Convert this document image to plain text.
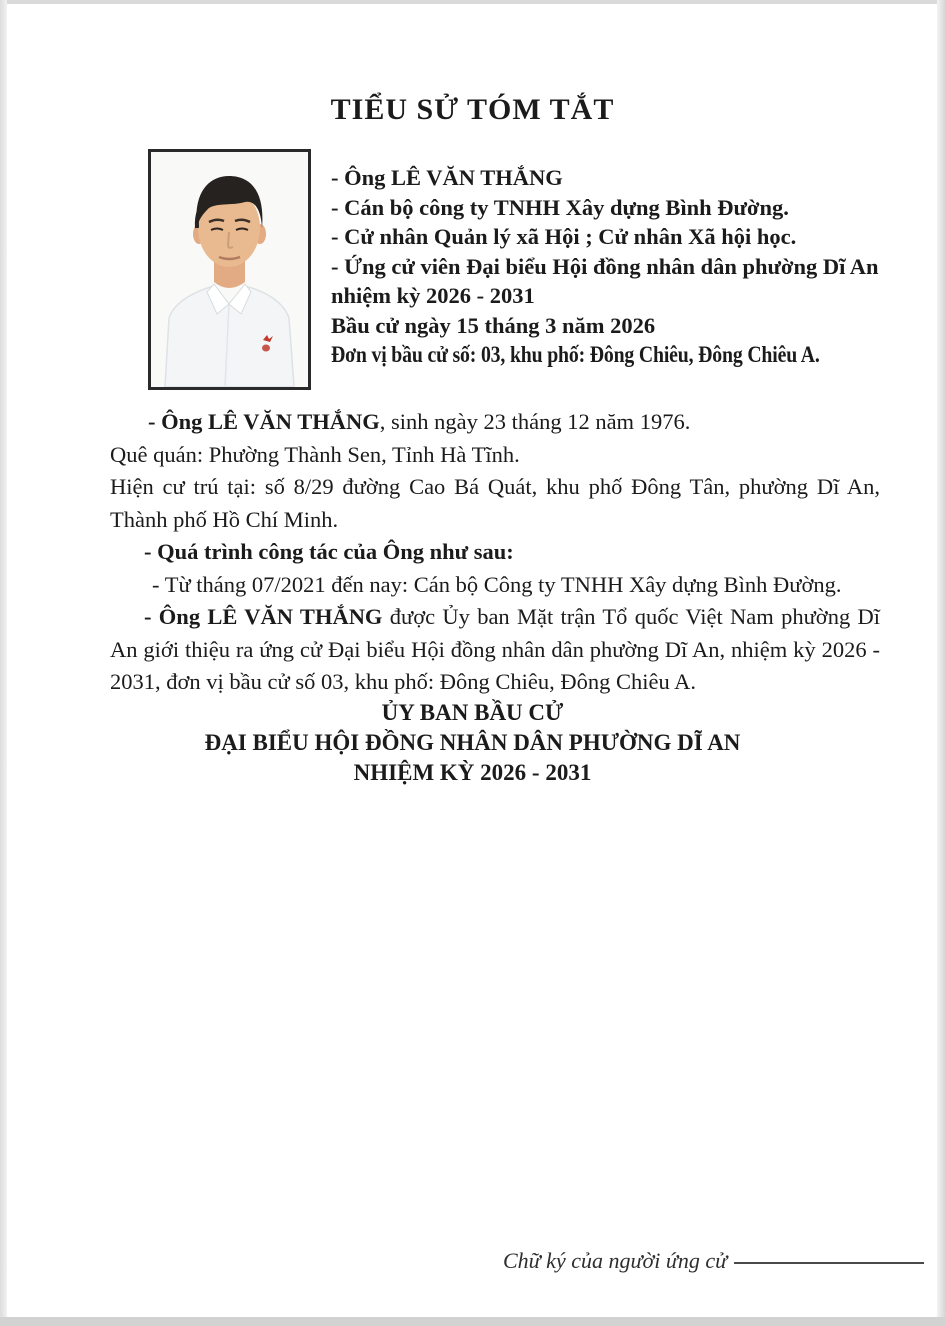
TIỂU SỬ TÓM TẮT
- Ông LÊ VĂN THẮNG
- Cán bộ công ty TNHH Xây dựng Bình Đường.
- Cử nhân Quản lý xã Hội ; Cử nhân Xã hội học.
- Ứng cử viên Đại biểu Hội đồng nhân dân phường Dĩ An
nhiệm kỳ 2026 - 2031
Bầu cử ngày 15 tháng 3 năm 2026
Đơn vị bầu cử số: 03, khu phố: Đông Chiêu, Đông Chiêu A.

- Ông LÊ VĂN THẮNG, sinh ngày 23 tháng 12 năm 1976.

Quê quán: Phường Thành Sen, Tỉnh Hà Tĩnh.

Hiện cư trú tại: số 8/29 đường Cao Bá Quát, khu phố Đông Tân, phường Dĩ An, Thành phố Hồ Chí Minh.

- Quá trình công tác của Ông như sau:

- Từ tháng 07/2021 đến nay: Cán bộ Công ty TNHH Xây dựng Bình Đường.

- Ông LÊ VĂN THẮNG được Ủy ban Mặt trận Tổ quốc Việt Nam phường Dĩ An giới thiệu ra ứng cử Đại biểu Hội đồng nhân dân phường Dĩ An, nhiệm kỳ 2026 - 2031, đơn vị bầu cử số 03, khu phố: Đông Chiêu, Đông Chiêu A.

ỦY BAN BẦU CỬ
ĐẠI BIỂU HỘI ĐỒNG NHÂN DÂN PHƯỜNG DĨ AN
NHIỆM KỲ 2026 - 2031
Chữ ký của người ứng cử
